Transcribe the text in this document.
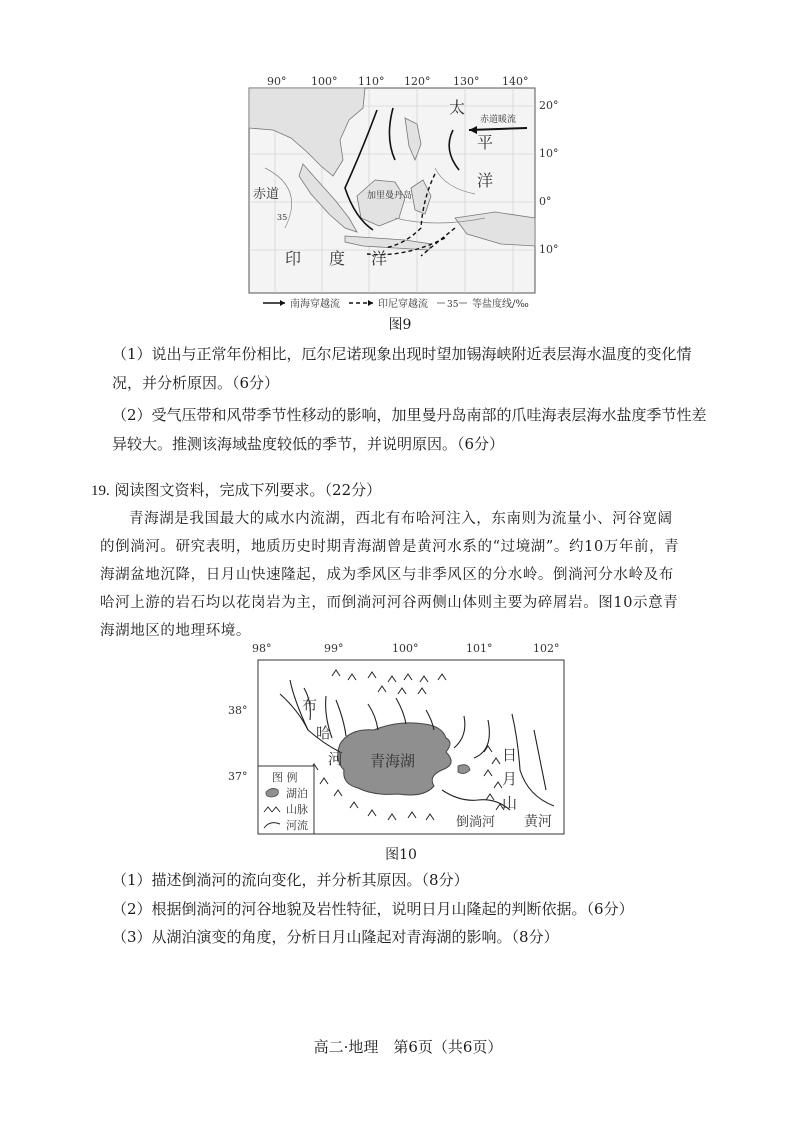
90° 100° 110° 120° 130° 140°
赤道暖流
太
平
洋
印 度 洋
赤道	加里曼丹岛
35
20°
10°
0°
10°
南海穿越流	印尼穿越流 35 等盐度线/‰
图9
（1）说出与正常年份相比，厄尔尼诺现象出现时望加锡海峡附近表层海水温度的变化情况，并分析原因。（6分）
（2）受气压带和风带季节性移动的影响，加里曼丹岛南部的爪哇海表层海水盐度季节性差异较大。推测该海域盐度较低的季节，并说明原因。（6分）
19. 阅读图文资料，完成下列要求。（22分）
青海湖是我国最大的咸水内流湖，西北有布哈河注入，东南则为流量小、河谷宽阔的倒淌河。研究表明，地质历史时期青海湖曾是黄河水系的“过境湖”。约10万年前，青海湖盆地沉降，日月山快速隆起，成为季风区与非季风区的分水岭。倒淌河分水岭及布哈河上游的岩石均以花岗岩为主，而倒淌河河谷两侧山体则主要为碎屑岩。图10示意青海湖地区的地理环境。
98°	99°	100°	101°	102°
38°
37°
布
哈
河 青海湖	日
月
山
倒淌河 黄河
图 例
湖泊
山脉
河流
图10
（1）描述倒淌河的流向变化，并分析其原因。（8分）
（2）根据倒淌河的河谷地貌及岩性特征，说明日月山隆起的判断依据。（6分）
（3）从湖泊演变的角度，分析日月山隆起对青海湖的影响。（8分）
高二·地理　第6页（共6页）
